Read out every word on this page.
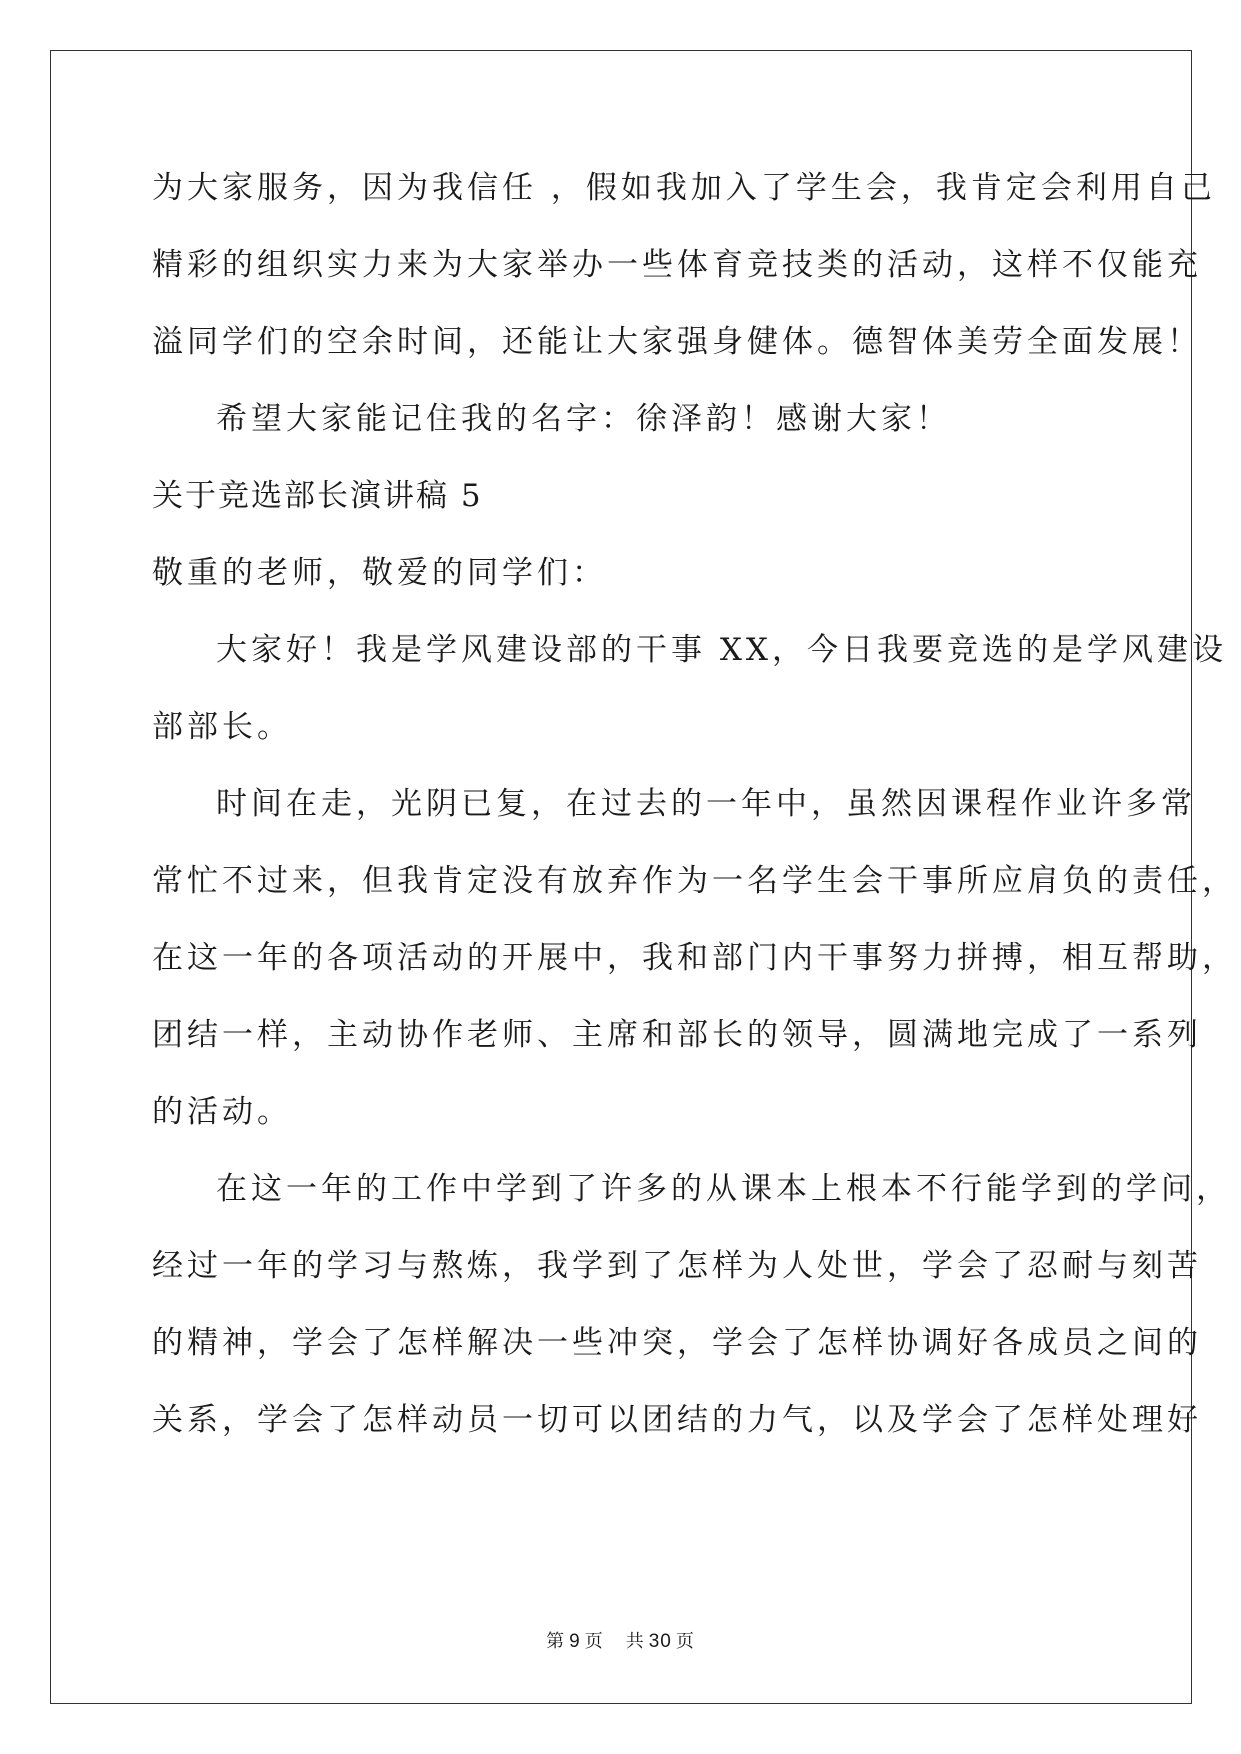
为大家服务，因为我信任 ，假如我加入了学生会，我肯定会利用自己
精彩的组织实力来为大家举办一些体育竞技类的活动，这样不仅能充
溢同学们的空余时间，还能让大家强身健体。德智体美劳全面发展！
希望大家能记住我的名字：徐泽韵！感谢大家！
关于竞选部长演讲稿 5
敬重的老师，敬爱的同学们：
大家好！我是学风建设部的干事 XX，今日我要竞选的是学风建设
部部长。
时间在走，光阴已复，在过去的一年中，虽然因课程作业许多常
常忙不过来，但我肯定没有放弃作为一名学生会干事所应肩负的责任，
在这一年的各项活动的开展中，我和部门内干事努力拼搏，相互帮助，
团结一样，主动协作老师、主席和部长的领导，圆满地完成了一系列
的活动。
在这一年的工作中学到了许多的从课本上根本不行能学到的学问，
经过一年的学习与熬炼，我学到了怎样为人处世，学会了忍耐与刻苦
的精神，学会了怎样解决一些冲突，学会了怎样协调好各成员之间的
关系，学会了怎样动员一切可以团结的力气，以及学会了怎样处理好
第 9 页 共 30 页
